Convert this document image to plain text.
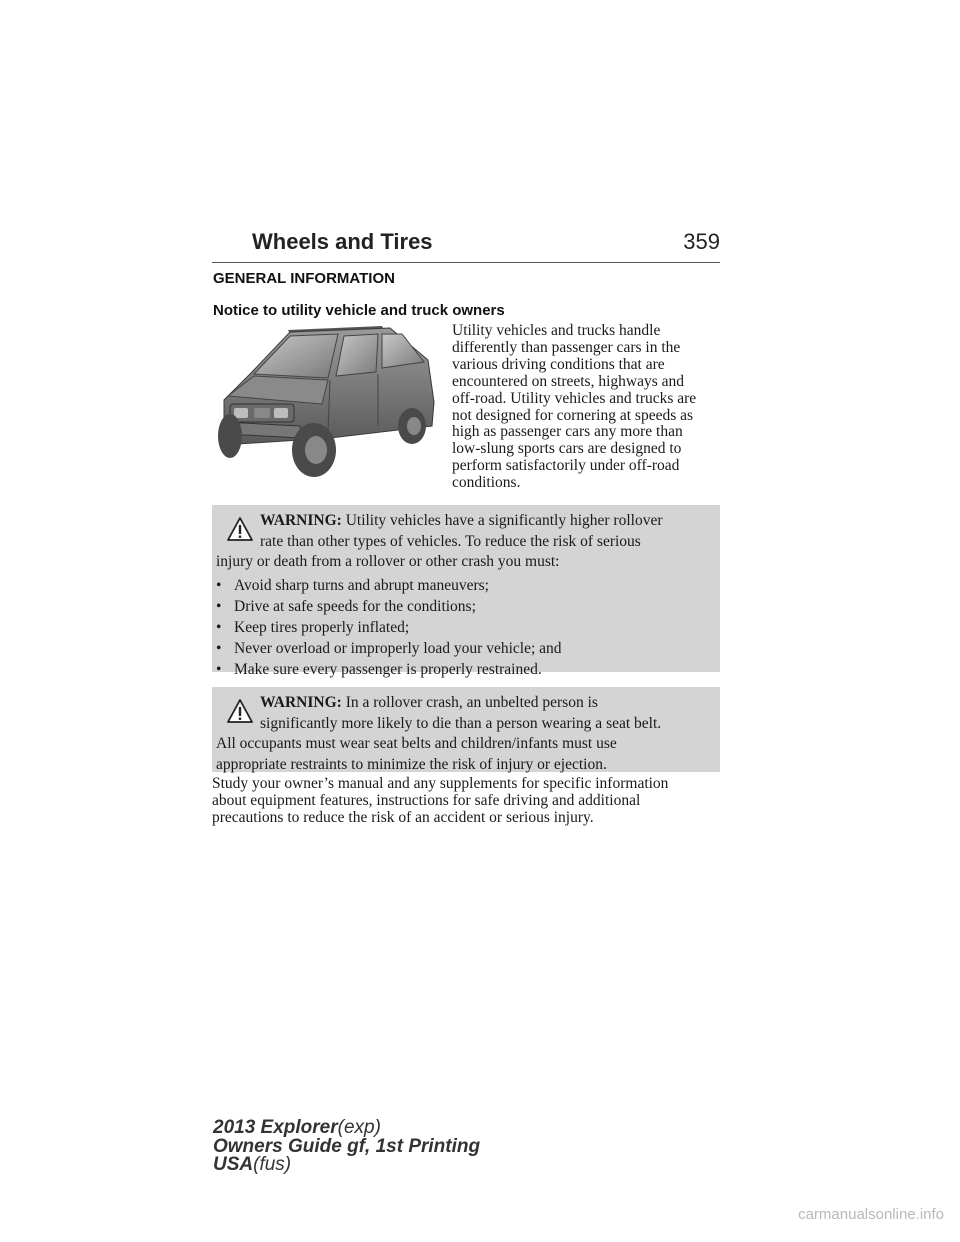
Wheels and Tires	359
GENERAL INFORMATION
Notice to utility vehicle and truck owners
Utility vehicles and trucks handle
differently than passenger cars in the
various driving conditions that are
encountered on streets, highways and
off-road. Utility vehicles and trucks are
not designed for cornering at speeds as
high as passenger cars any more than
low-slung sports cars are designed to
perform satisfactorily under off-road
conditions.
WARNING: Utility vehicles have a significantly higher rollover
rate than other types of vehicles. To reduce the risk of serious
injury or death from a rollover or other crash you must:
• Avoid sharp turns and abrupt maneuvers;
• Drive at safe speeds for the conditions;
• Keep tires properly inflated;
• Never overload or improperly load your vehicle; and
• Make sure every passenger is properly restrained.
WARNING: In a rollover crash, an unbelted person is
significantly more likely to die than a person wearing a seat belt.
All occupants must wear seat belts and children/infants must use
appropriate restraints to minimize the risk of injury or ejection.
Study your owner’s manual and any supplements for specific information
about equipment features, instructions for safe driving and additional
precautions to reduce the risk of an accident or serious injury.
2013 Explorer(exp)
Owners Guide gf, 1st Printing
USA(fus)
carmanualsonline.info
